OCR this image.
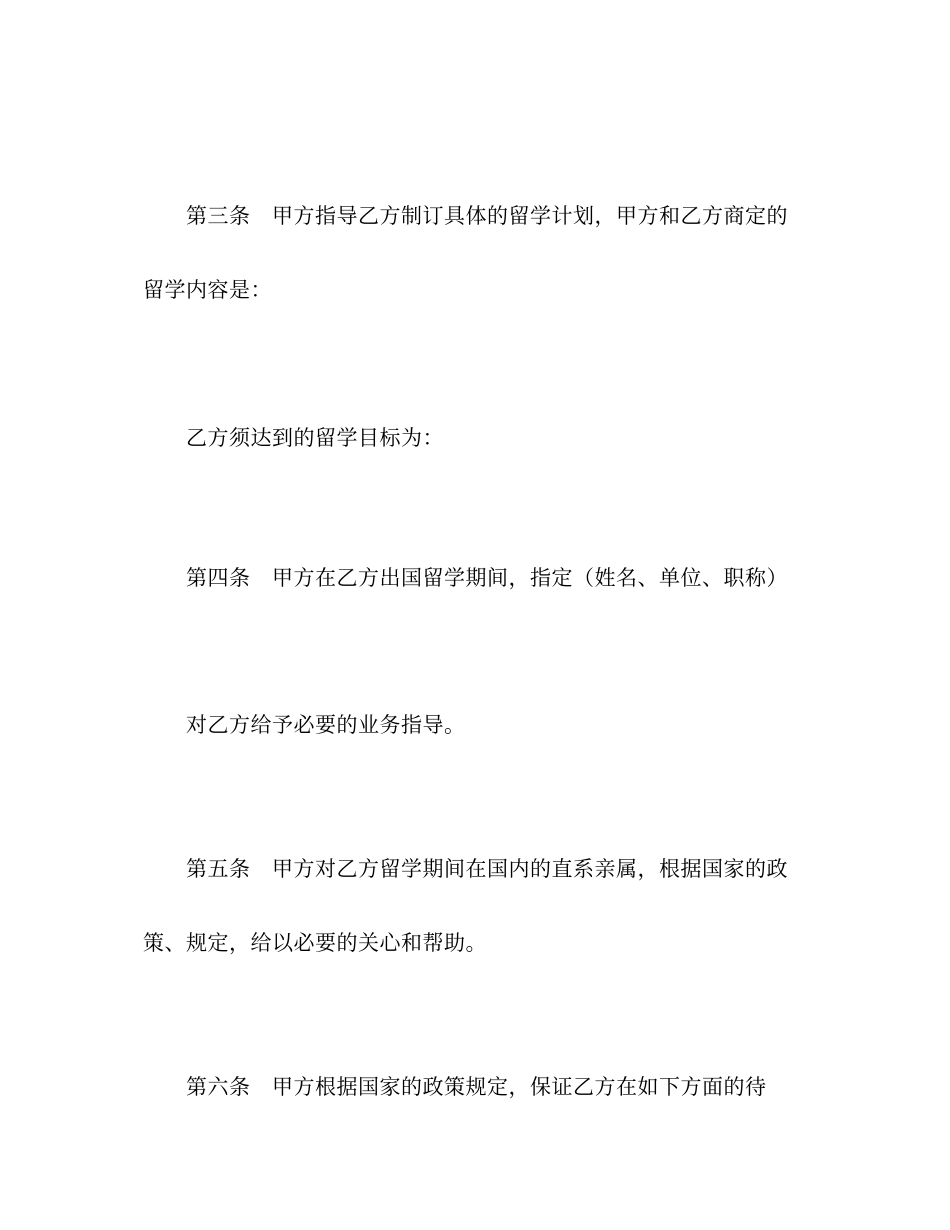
第三条　甲方指导乙方制订具体的留学计划，甲方和乙方商定的
留学内容是：
乙方须达到的留学目标为：
第四条　甲方在乙方出国留学期间，指定（姓名、单位、职称）
对乙方给予必要的业务指导。
第五条　甲方对乙方留学期间在国内的直系亲属，根据国家的政
策、规定，给以必要的关心和帮助。
第六条　甲方根据国家的政策规定，保证乙方在如下方面的待
